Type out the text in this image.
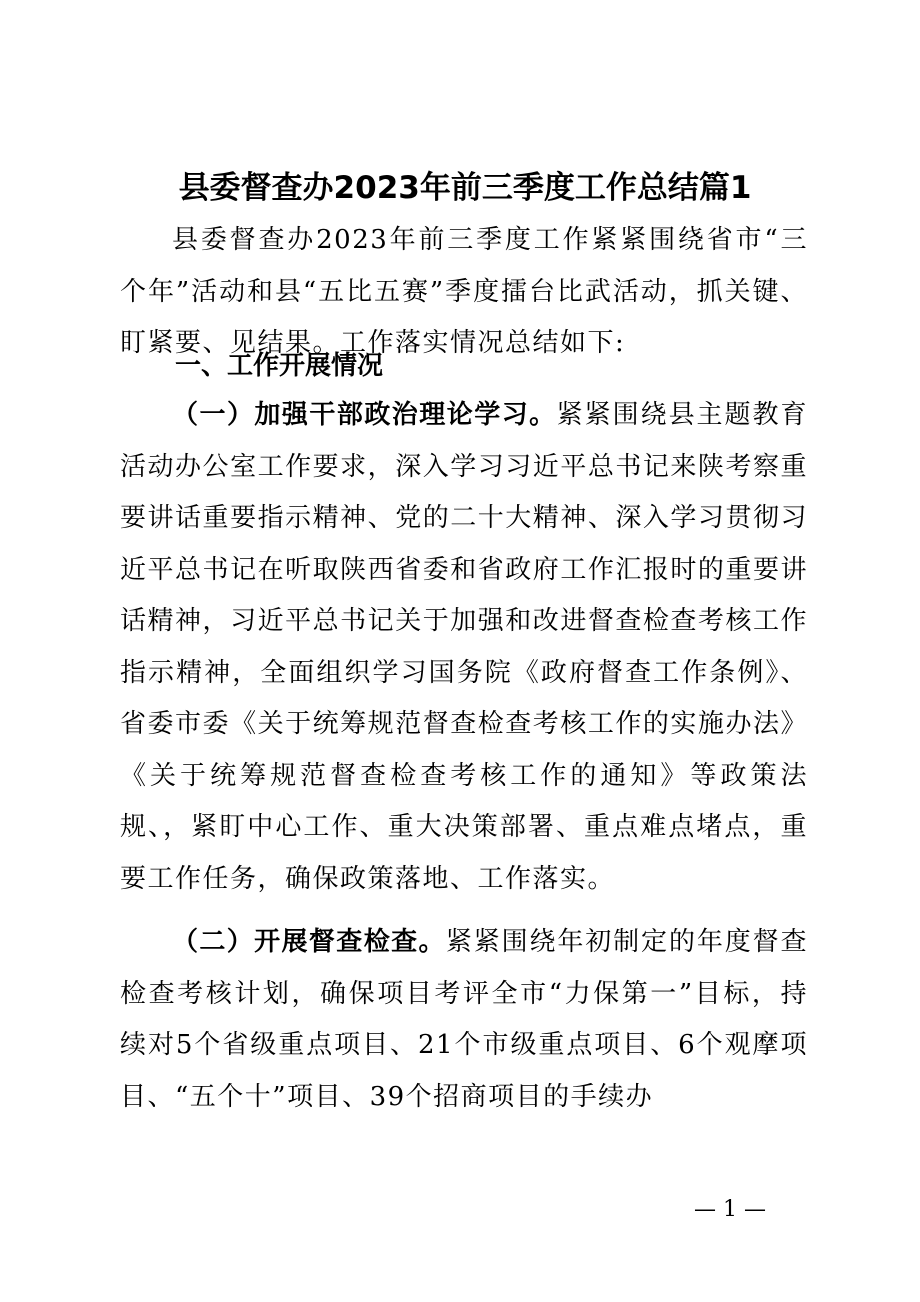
县委督查办2023年前三季度工作总结篇1
县委督查办2023年前三季度工作紧紧围绕省市“三个年”活动和县“五比五赛”季度擂台比武活动，抓关键、盯紧要、见结果。工作落实情况总结如下:
一、工作开展情况
（一）加强干部政治理论学习。紧紧围绕县主题教育活动办公室工作要求，深入学习习近平总书记来陕考察重要讲话重要指示精神、党的二十大精神、深入学习贯彻习近平总书记在听取陕西省委和省政府工作汇报时的重要讲话精神，习近平总书记关于加强和改进督查检查考核工作指示精神，全面组织学习国务院《政府督查工作条例》、省委市委《关于统筹规范督查检查考核工作的实施办法》《关于统筹规范督查检查考核工作的通知》等政策法规、，紧盯中心工作、重大决策部署、重点难点堵点，重要工作任务，确保政策落地、工作落实。
（二）开展督查检查。紧紧围绕年初制定的年度督查检查考核计划，确保项目考评全市“力保第一”目标，持续对5个省级重点项目、21个市级重点项目、6个观摩项目、“五个十”项目、39个招商项目的手续办
— 1 —
